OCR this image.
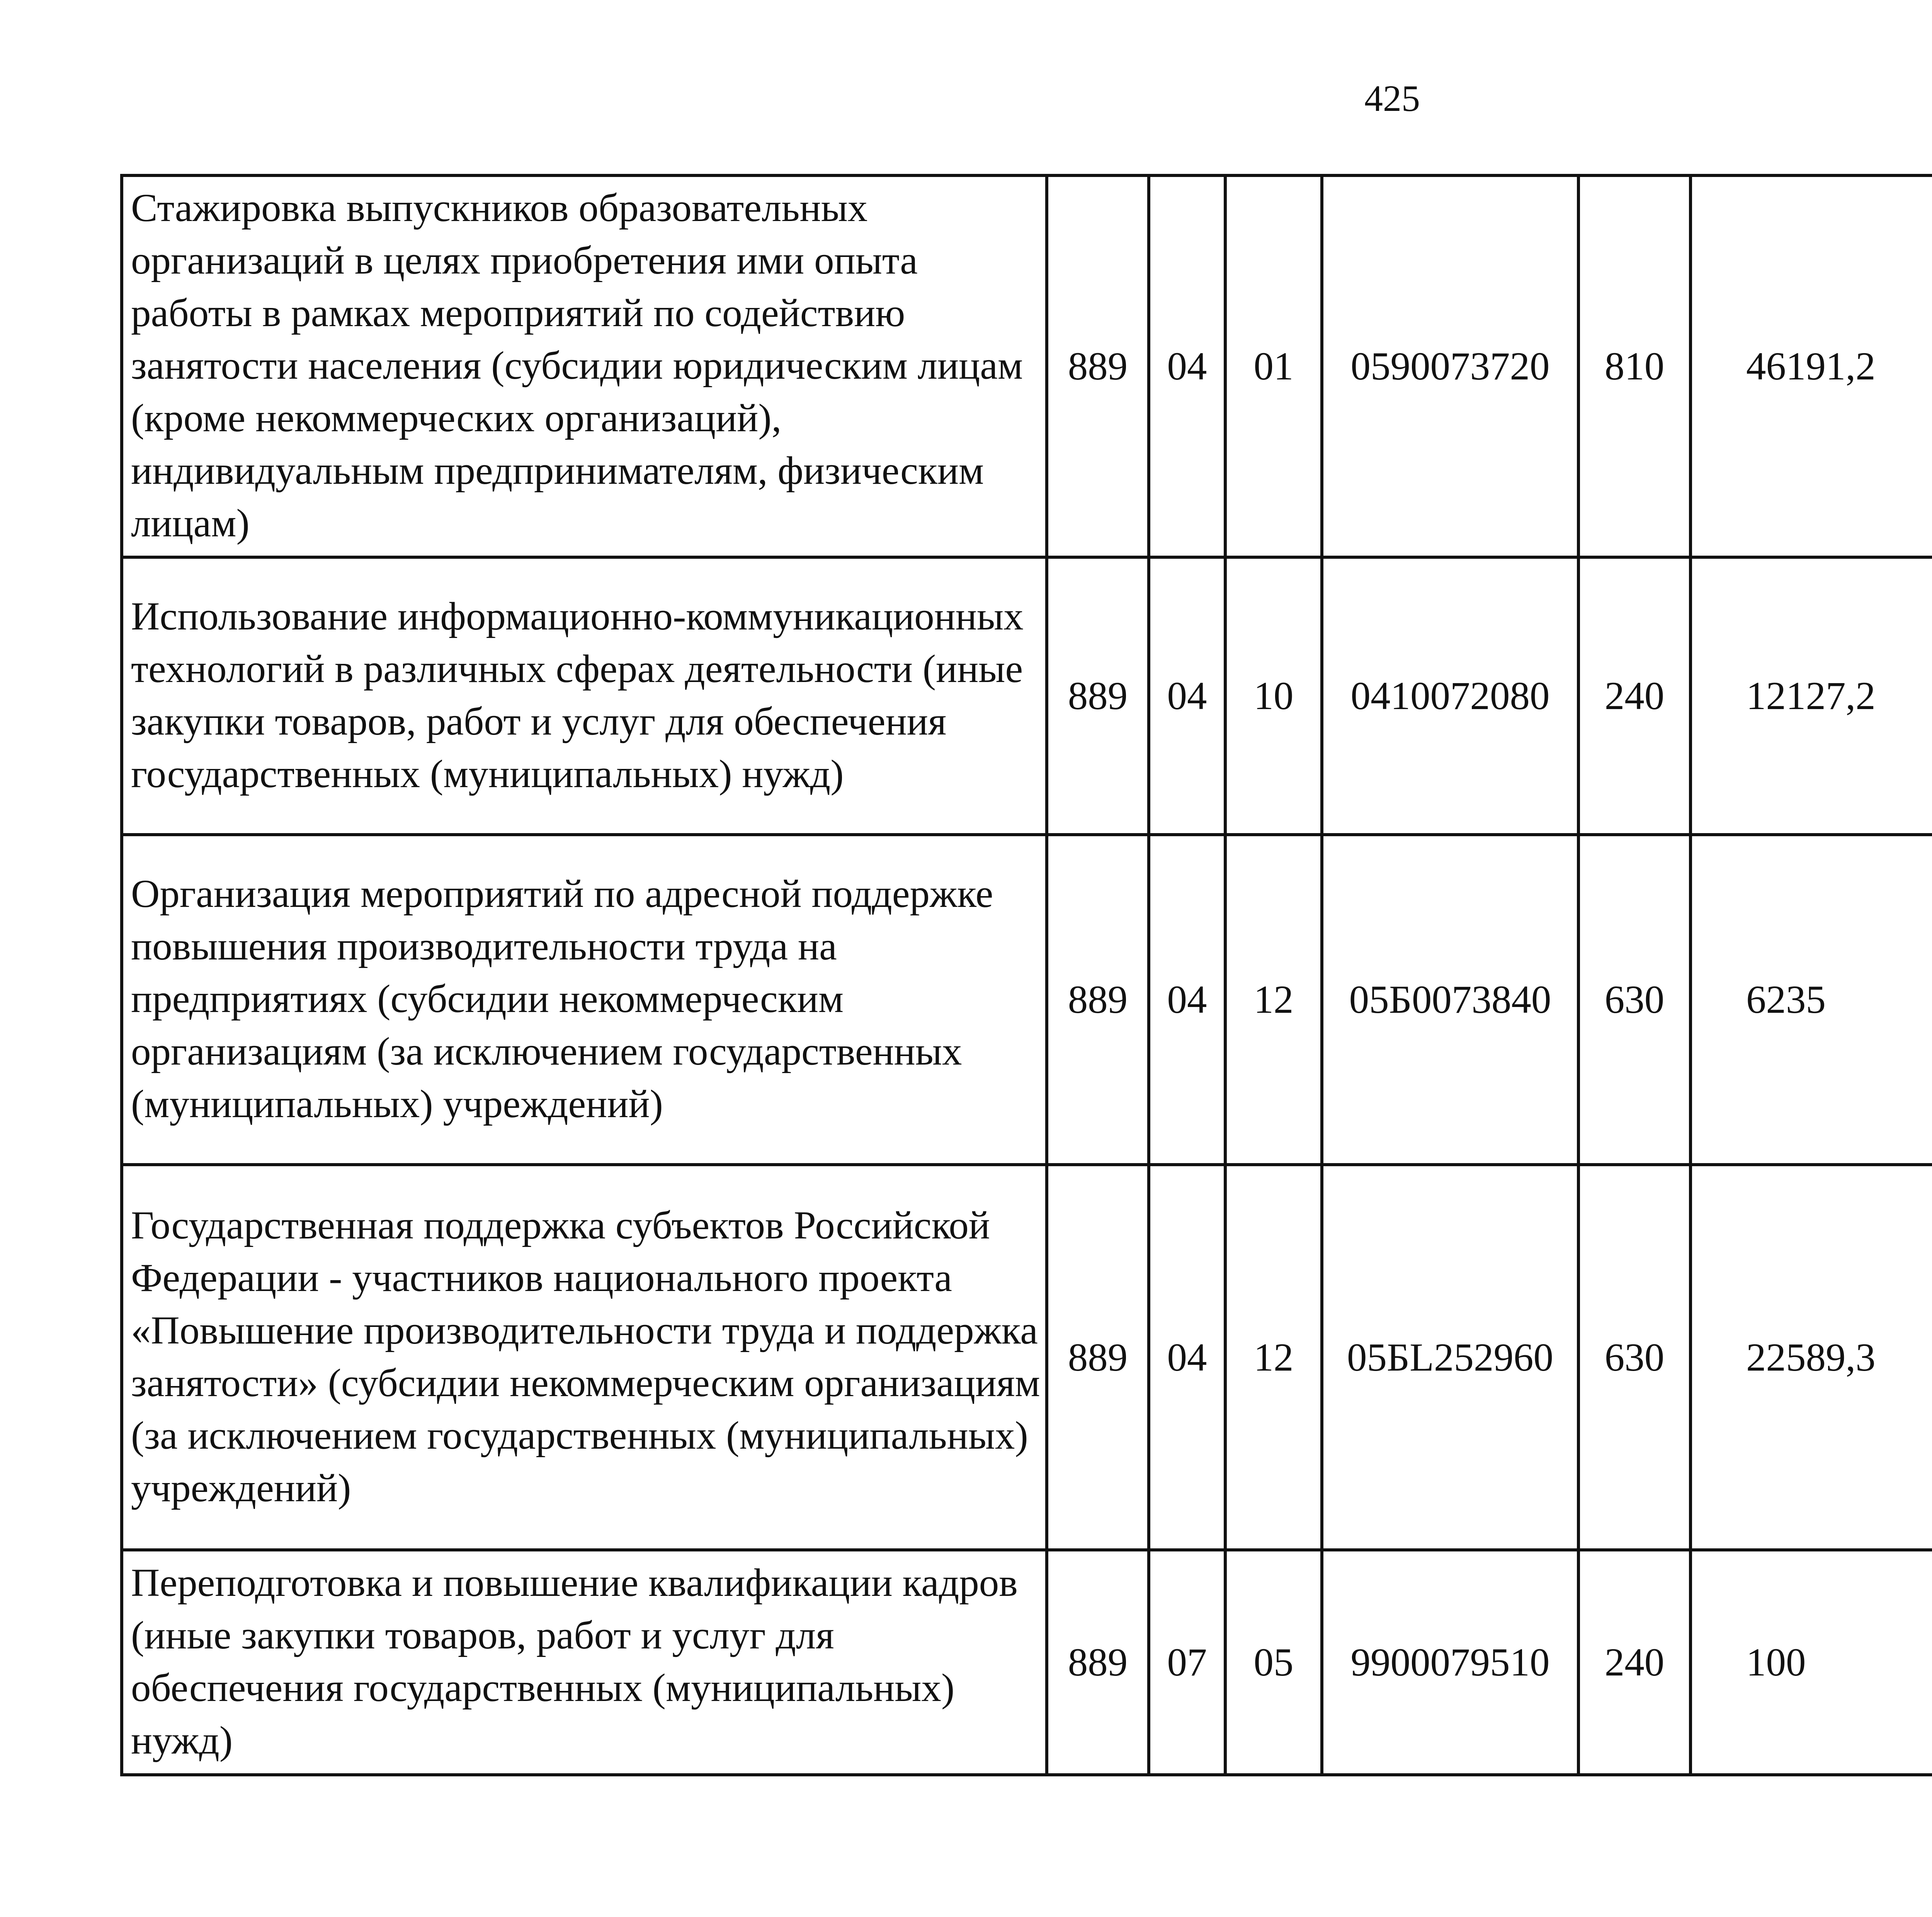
425
Стажировка выпускников образовательных организаций в целях приобретения ими опыта работы в рамках мероприятий по содействию занятости населения (субсидии юридическим лицам (кроме некоммерческих организаций), индивидуальным предпринимателям, физическим лицам)	889	04	01	0590073720	810	46191,2		
Использование информационно-коммуникационных технологий в различных сферах деятельности (иные закупки товаров, работ и услуг для обеспечения государственных (муниципальных) нужд)	889	04	10	0410072080	240	12127,2		
Организация мероприятий по адресной поддержке повышения производительности труда на предприятиях (субсидии некоммерческим организациям (за исключением государственных (муниципальных) учреждений)	889	04	12	05Б0073840	630	6235		
Государственная поддержка субъектов Российской Федерации - участников национального проекта «Повышение производительности труда и поддержка занятости» (субсидии некоммерческим организациям (за исключением государственных (муниципальных) учреждений)	889	04	12	05БL252960	630	22589,3		
Переподготовка и повышение квалификации кадров (иные закупки товаров, работ и услуг для обеспечения государственных (муниципальных) нужд)	889	07	05	9900079510	240	100		
